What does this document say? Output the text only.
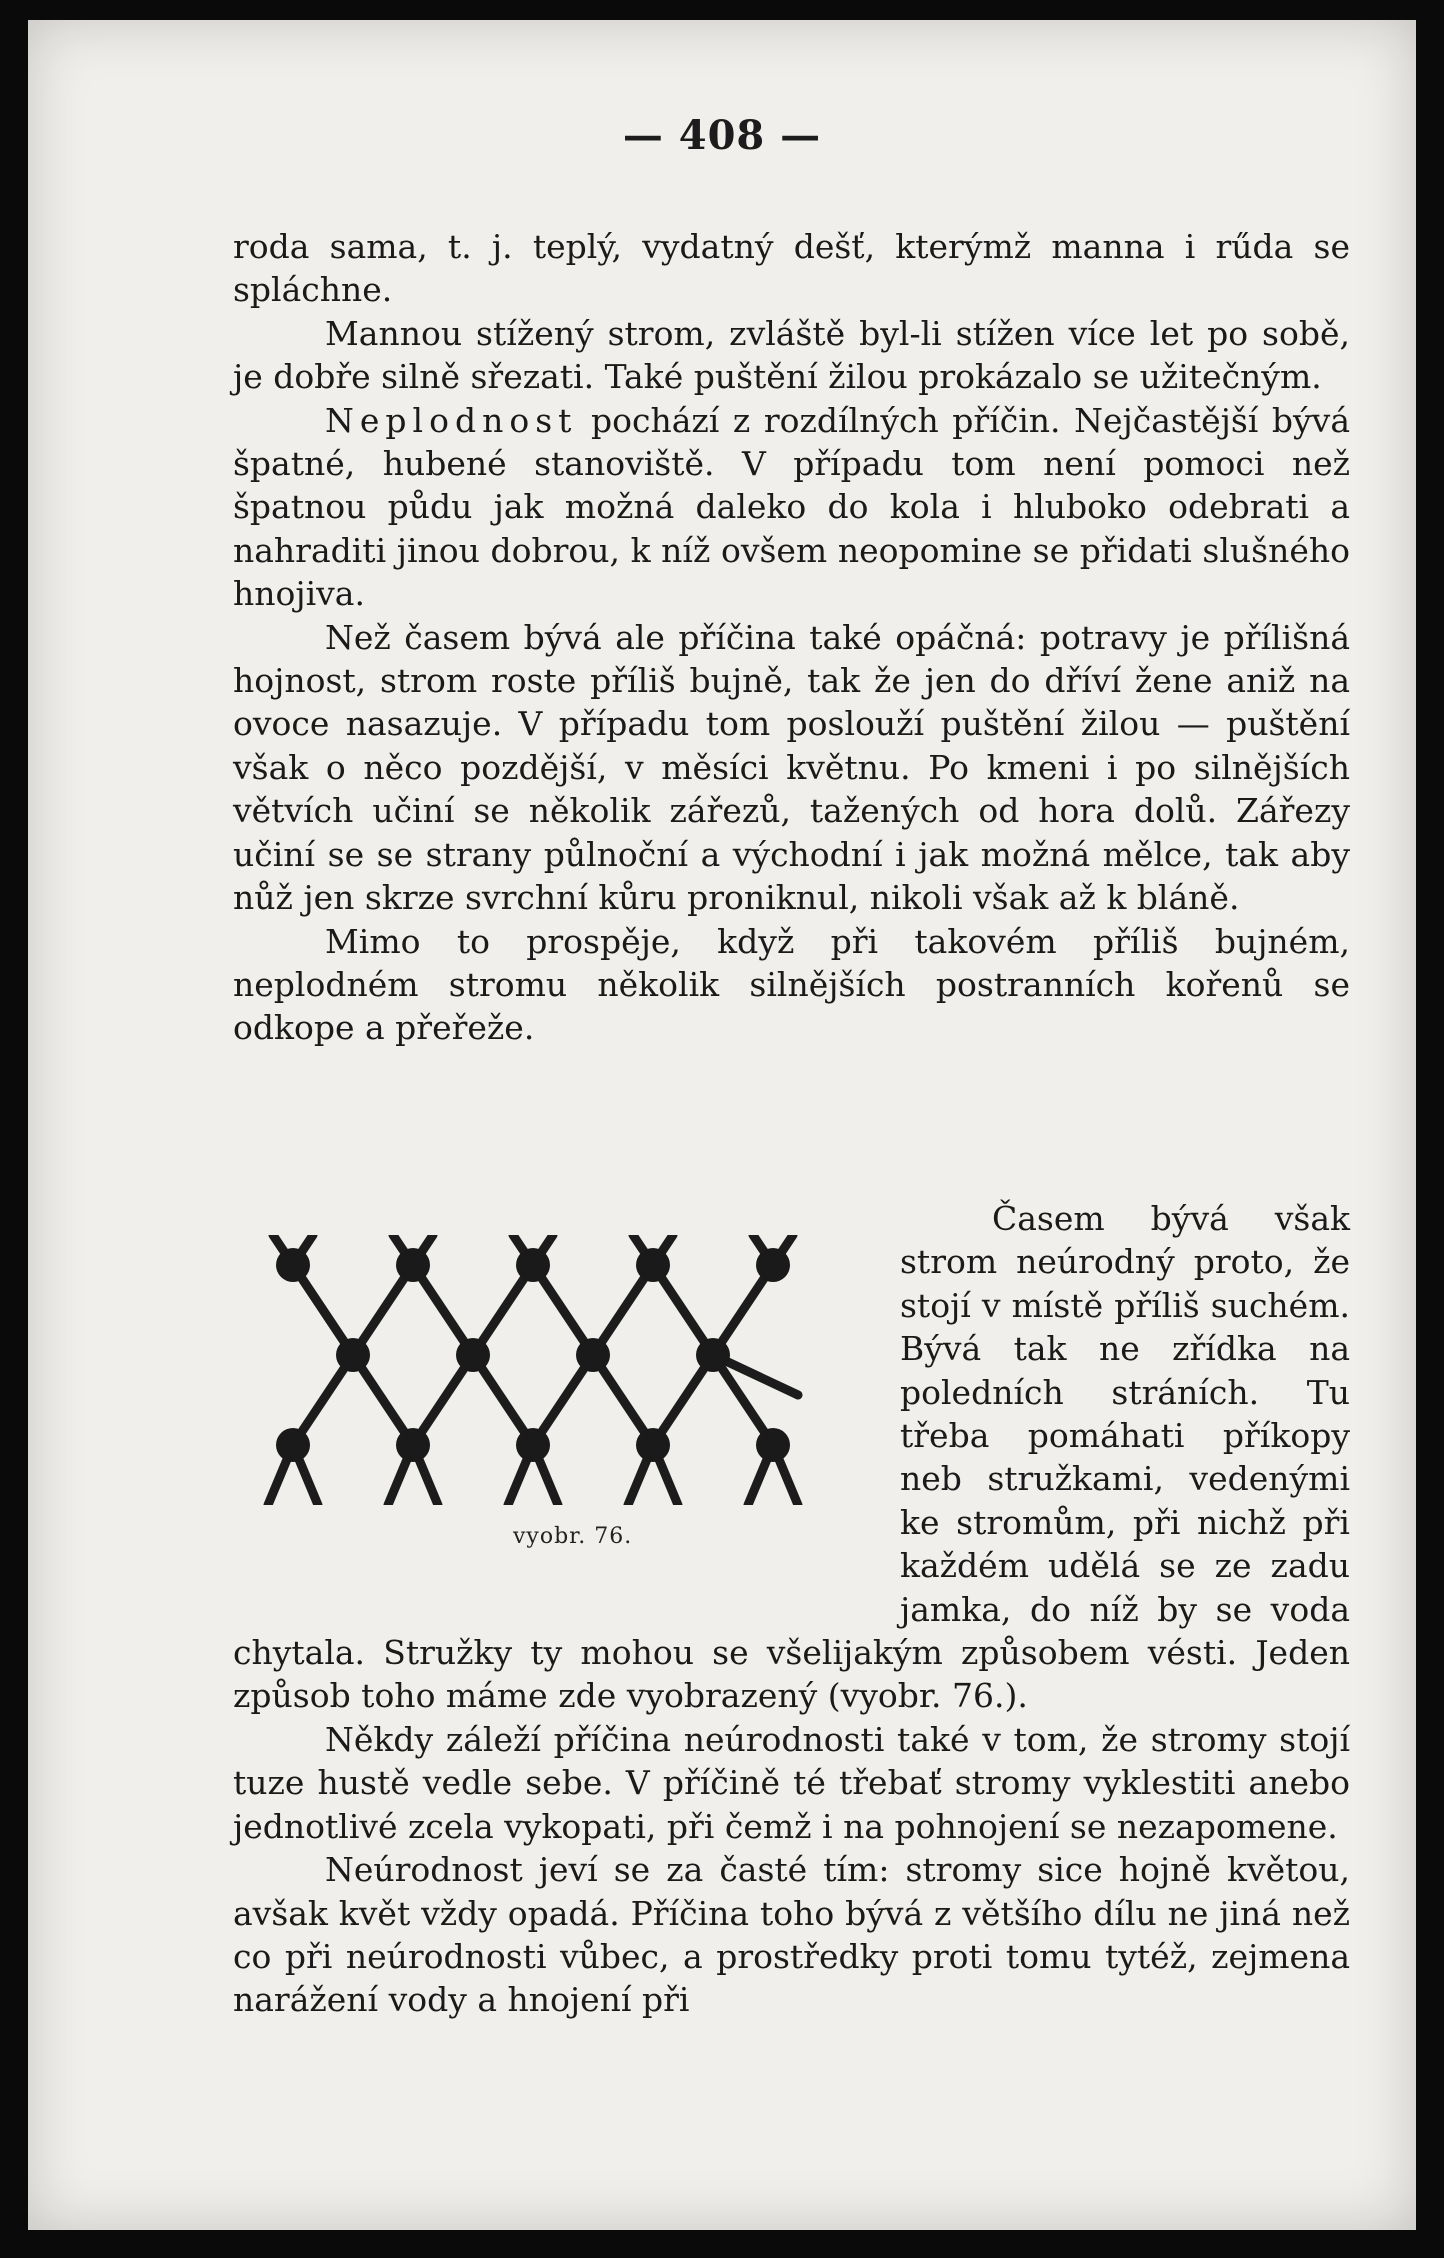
— 408 —

roda sama, t. j. teplý, vydatný dešť, kterýmž manna i rűda se spláchne.

Mannou stížený strom, zvláště byl-li stížen více let po sobě, je dobře silně sřezati. Také puštění žilou prokázalo se užitečným.

Neplodnost pochází z rozdílných příčin. Nejčastější bývá špatné, hubené stanoviště. V případu tom není pomoci než špatnou půdu jak možná daleko do kola i hluboko odebrati a nahraditi jinou dobrou, k níž ovšem neopomine se přidati slušného hnojiva.

Než časem bývá ale příčina také opáčná: potravy je přílišná hojnost, strom roste příliš bujně, tak že jen do dříví žene aniž na ovoce nasazuje. V případu tom poslouží puštění žilou — puštění však o něco pozdější, v měsíci květnu. Po kmeni i po silnějších větvích učiní se několik zářezů, tažených od hora dolů. Zářezy učiní se se strany půlnoční a východní i jak možná mělce, tak aby nůž jen skrze svrchní kůru proniknul, nikoli však až k bláně.

Mimo to prospěje, když při takovém příliš bujném, neplodném stromu několik silnějších postranních kořenů se odkope a přeřeže.

vyobr. 76.

Časem bývá však strom neúrodný proto, že stojí v místě příliš suchém. Bývá tak ne zřídka na poledních stráních. Tu třeba pomáhati příkopy neb stružkami, vedenými ke stromům, při nichž při každém udělá se ze zadu jamka, do níž by se voda chytala. Stružky ty mohou se všelijakým způsobem vésti. Jeden způsob toho máme zde vyobrazený (vyobr. 76.).

Někdy záleží příčina neúrodnosti také v tom, že stromy stojí tuze hustě vedle sebe. V příčině té třebať stromy vyklestiti anebo jednotlivé zcela vykopati, při čemž i na pohnojení se nezapomene.

Neúrodnost jeví se za časté tím: stromy sice hojně květou, avšak květ vždy opadá. Příčina toho bývá z většího dílu ne jiná než co při neúrodnosti vůbec, a prostředky proti tomu tytéž, zejmena narážení vody a hnojení při
